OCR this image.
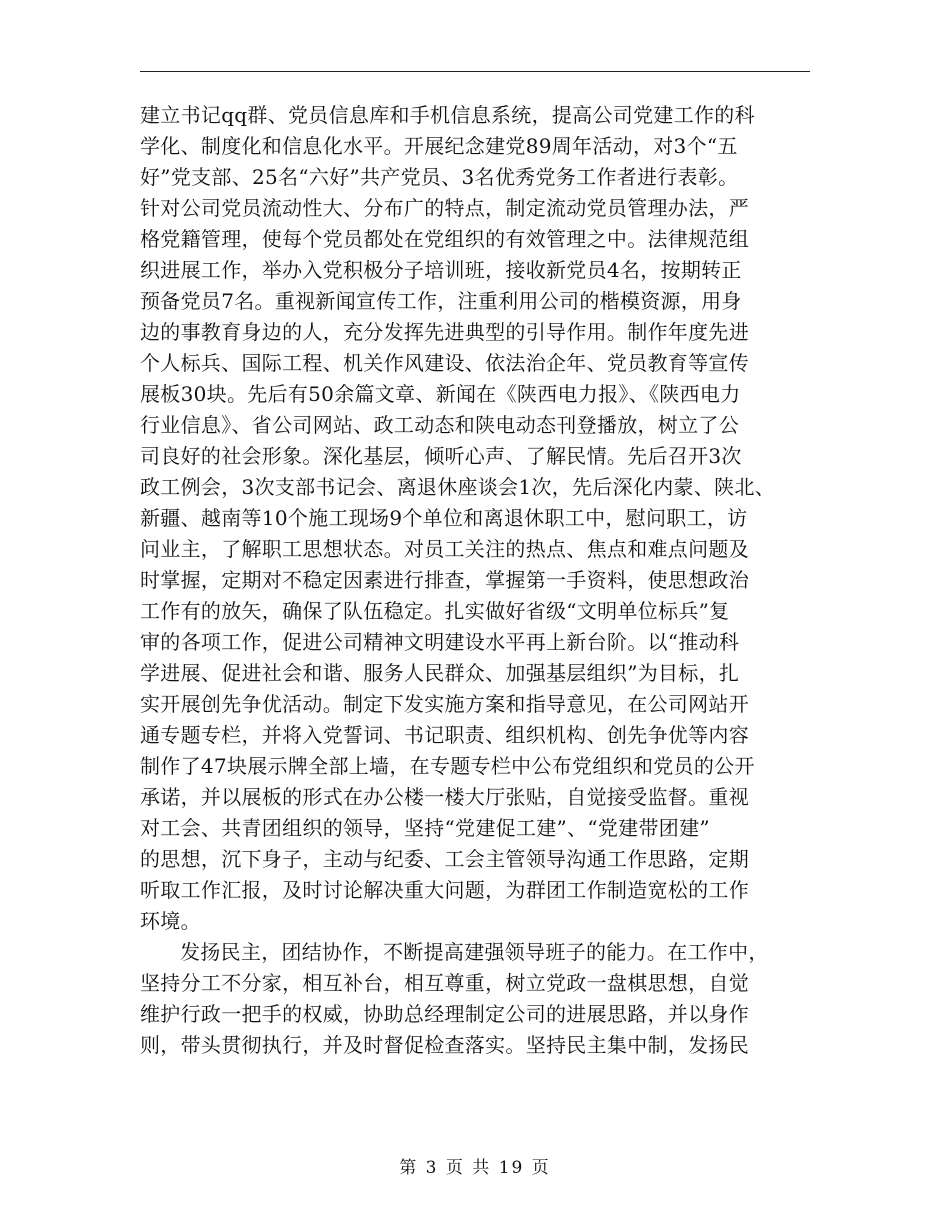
建立书记qq群、党员信息库和手机信息系统，提高公司党建工作的科

学化、制度化和信息化水平。开展纪念建党89周年活动，对3个“五

好”党支部、25名“六好”共产党员、3名优秀党务工作者进行表彰。

针对公司党员流动性大、分布广的特点，制定流动党员管理办法，严

格党籍管理，使每个党员都处在党组织的有效管理之中。法律规范组

织进展工作，举办入党积极分子培训班，接收新党员4名，按期转正

预备党员7名。重视新闻宣传工作，注重利用公司的楷模资源，用身

边的事教育身边的人，充分发挥先进典型的引导作用。制作年度先进

个人标兵、国际工程、机关作风建设、依法治企年、党员教育等宣传

展板30块。先后有50余篇文章、新闻在《陕西电力报》、《陕西电力

行业信息》、省公司网站、政工动态和陕电动态刊登播放，树立了公

司良好的社会形象。深化基层，倾听心声、了解民情。先后召开3次

政工例会，3次支部书记会、离退休座谈会1次，先后深化内蒙、陕北、

新疆、越南等10个施工现场9个单位和离退休职工中，慰问职工，访

问业主，了解职工思想状态。对员工关注的热点、焦点和难点问题及

时掌握，定期对不稳定因素进行排查，掌握第一手资料，使思想政治

工作有的放矢，确保了队伍稳定。扎实做好省级“文明单位标兵”复

审的各项工作，促进公司精神文明建设水平再上新台阶。以“推动科

学进展、促进社会和谐、服务人民群众、加强基层组织”为目标，扎

实开展创先争优活动。制定下发实施方案和指导意见，在公司网站开

通专题专栏，并将入党誓词、书记职责、组织机构、创先争优等内容

制作了47块展示牌全部上墙，在专题专栏中公布党组织和党员的公开

承诺，并以展板的形式在办公楼一楼大厅张贴，自觉接受监督。重视

对工会、共青团组织的领导，坚持“党建促工建”、“党建带团建”

的思想，沉下身子，主动与纪委、工会主管领导沟通工作思路，定期

听取工作汇报，及时讨论解决重大问题，为群团工作制造宽松的工作

环境。

发扬民主，团结协作，不断提高建强领导班子的能力。在工作中，

坚持分工不分家，相互补台，相互尊重，树立党政一盘棋思想，自觉

维护行政一把手的权威，协助总经理制定公司的进展思路，并以身作

则，带头贯彻执行，并及时督促检查落实。坚持民主集中制，发扬民

第 3 页 共 19 页
